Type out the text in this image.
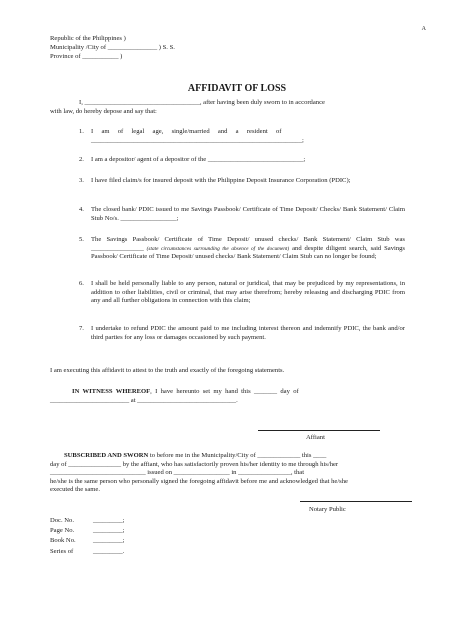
A
Republic of the Philippines )
Municipality /City of _______________ ) S. S.
Province of ___________ )
AFFIDAVIT OF LOSS
I, ___________________________________, after having been duly sworn to in accordance
with law, do hereby depose and say that:
1. I     am     of     legal     age,     single/married     and     a     resident     of
________________________________________________________________;
2. I am a depositor/ agent of a depositor of the _____________________________;
3. I have filed claim/s for insured deposit with the Philippine Deposit Insurance Corporation (PDIC);
4. The closed bank/ PDIC issued to me Savings Passbook/ Certificate of Time Deposit/ Checks/ Bank Statement/ Claim Stub No/s. _________________;
5. The Savings Passbook/ Certificate of Time Deposit/ unused checks/ Bank Statement/ Claim Stub was ________________ (state circumstances surrounding the absence of the document) and despite diligent search, said Savings Passbook/ Certificate of Time Deposit/ unused checks/ Bank Statement/ Claim Stub can no longer be found;
6. I shall be held personally liable to any person, natural or juridical, that may be prejudiced by my representations, in addition to other liabilities, civil or criminal, that may arise therefrom; hereby releasing and discharging PDIC from any and all further obligations in connection with this claim;
7. I undertake to refund PDIC the amount paid to me including interest thereon and indemnify PDIC, the bank and/or third parties for any loss or damages occasioned by such payment.
I am executing this affidavit to attest to the truth and exactly of the foregoing statements.
IN  WITNESS  WHEREOF,  I  have  hereunto  set  my  hand  this  _______  day  of
________________________ at ______________________________.
Affiant
SUBSCRIBED AND SWORN to before me in the Municipality/City of _____________ this ____
day of ________________ by the affiant, who has satisfactorily proven his/her identity to me through his/her
_____________________________ issued on _________________ in ________________, that
he/she is the same person who personally signed the foregoing affidavit before me and acknowledged that he/she
executed the same.
Notary Public
Doc. No.	_________;
Page No.	_________;
Book No.	_________;
Series of	_________.
